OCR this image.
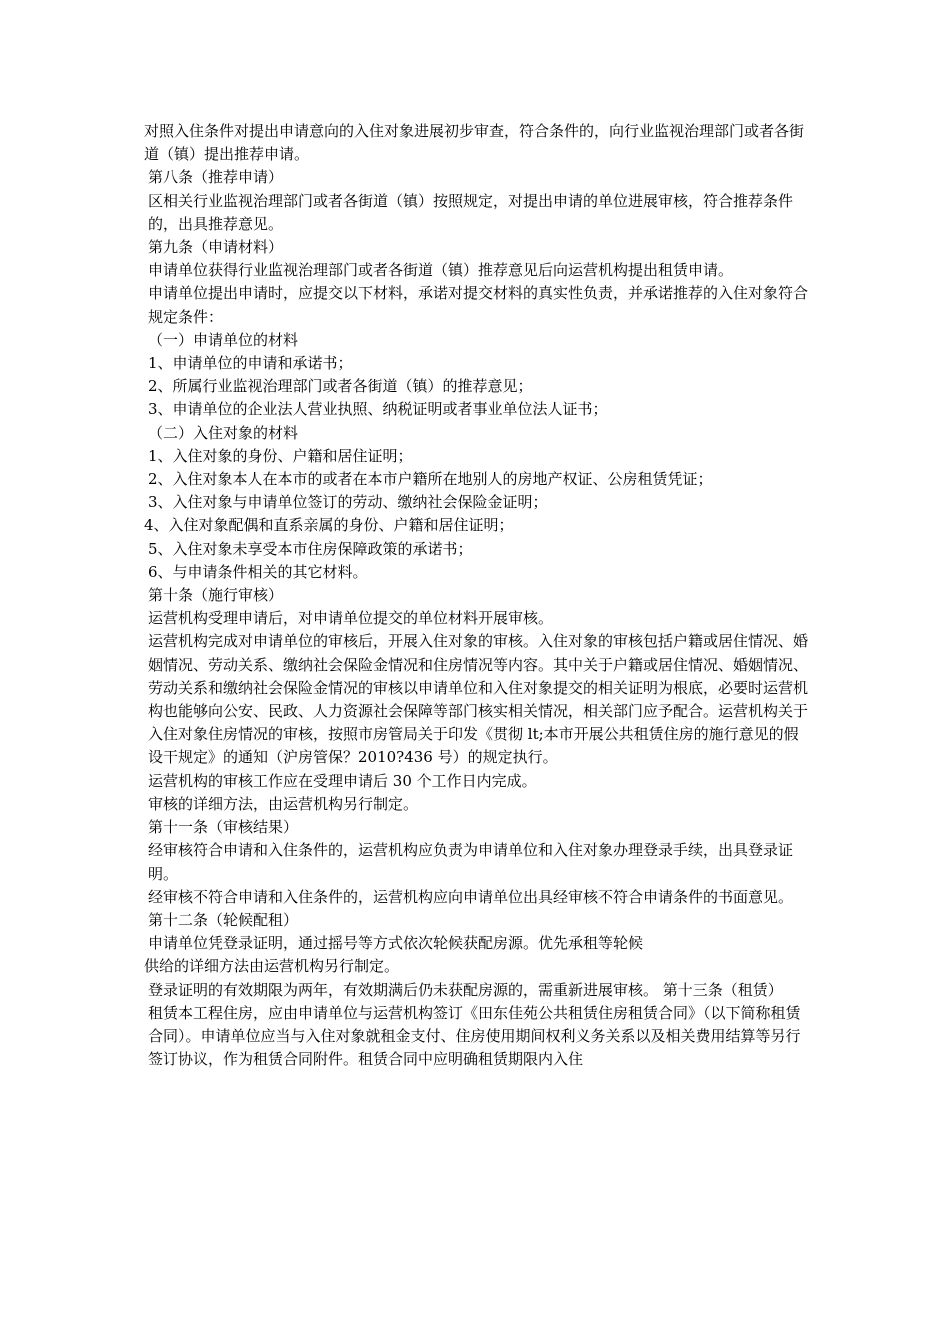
对照入住条件对提出申请意向的入住对象进展初步审查，符合条件的，向行业监视治理部门或者各街道（镇）提出推荐申请。

第八条（推荐申请）

区相关行业监视治理部门或者各街道（镇）按照规定，对提出申请的单位进展审核，符合推荐条件的，出具推荐意见。

第九条（申请材料）

申请单位获得行业监视治理部门或者各街道（镇）推荐意见后向运营机构提出租赁申请。

申请单位提出申请时，应提交以下材料，承诺对提交材料的真实性负责，并承诺推荐的入住对象符合规定条件：

（一）申请单位的材料

1、申请单位的申请和承诺书；

2、所属行业监视治理部门或者各街道（镇）的推荐意见；

3、申请单位的企业法人营业执照、纳税证明或者事业单位法人证书；

（二）入住对象的材料

1、入住对象的身份、户籍和居住证明；

2、入住对象本人在本市的或者在本市户籍所在地别人的房地产权证、公房租赁凭证；

3、入住对象与申请单位签订的劳动、缴纳社会保险金证明；

4、入住对象配偶和直系亲属的身份、户籍和居住证明；

5、入住对象未享受本市住房保障政策的承诺书；

6、与申请条件相关的其它材料。

第十条（施行审核）

运营机构受理申请后，对申请单位提交的单位材料开展审核。

运营机构完成对申请单位的审核后，开展入住对象的审核。入住对象的审核包括户籍或居住情况、婚姻情况、劳动关系、缴纳社会保险金情况和住房情况等内容。其中关于户籍或居住情况、婚姻情况、劳动关系和缴纳社会保险金情况的审核以申请单位和入住对象提交的相关证明为根底，必要时运营机构也能够向公安、民政、人力资源社会保障等部门核实相关情况，相关部门应予配合。运营机构关于入住对象住房情况的审核，按照市房管局关于印发《贯彻 lt;本市开展公共租赁住房的施行意见的假设干规定》的通知（沪房管保？2010?436 号）的规定执行。

运营机构的审核工作应在受理申请后 30 个工作日内完成。

审核的详细方法，由运营机构另行制定。

第十一条（审核结果）

经审核符合申请和入住条件的，运营机构应负责为申请单位和入住对象办理登录手续，出具登录证明。

经审核不符合申请和入住条件的，运营机构应向申请单位出具经审核不符合申请条件的书面意见。

第十二条（轮候配租）

申请单位凭登录证明，通过摇号等方式依次轮候获配房源。优先承租等轮候

供给的详细方法由运营机构另行制定。

登录证明的有效期限为两年，有效期满后仍未获配房源的，需重新进展审核。 第十三条（租赁）

租赁本工程住房，应由申请单位与运营机构签订《田东佳苑公共租赁住房租赁合同》（以下简称租赁合同）。申请单位应当与入住对象就租金支付、住房使用期间权利义务关系以及相关费用结算等另行签订协议，作为租赁合同附件。租赁合同中应明确租赁期限内入住
